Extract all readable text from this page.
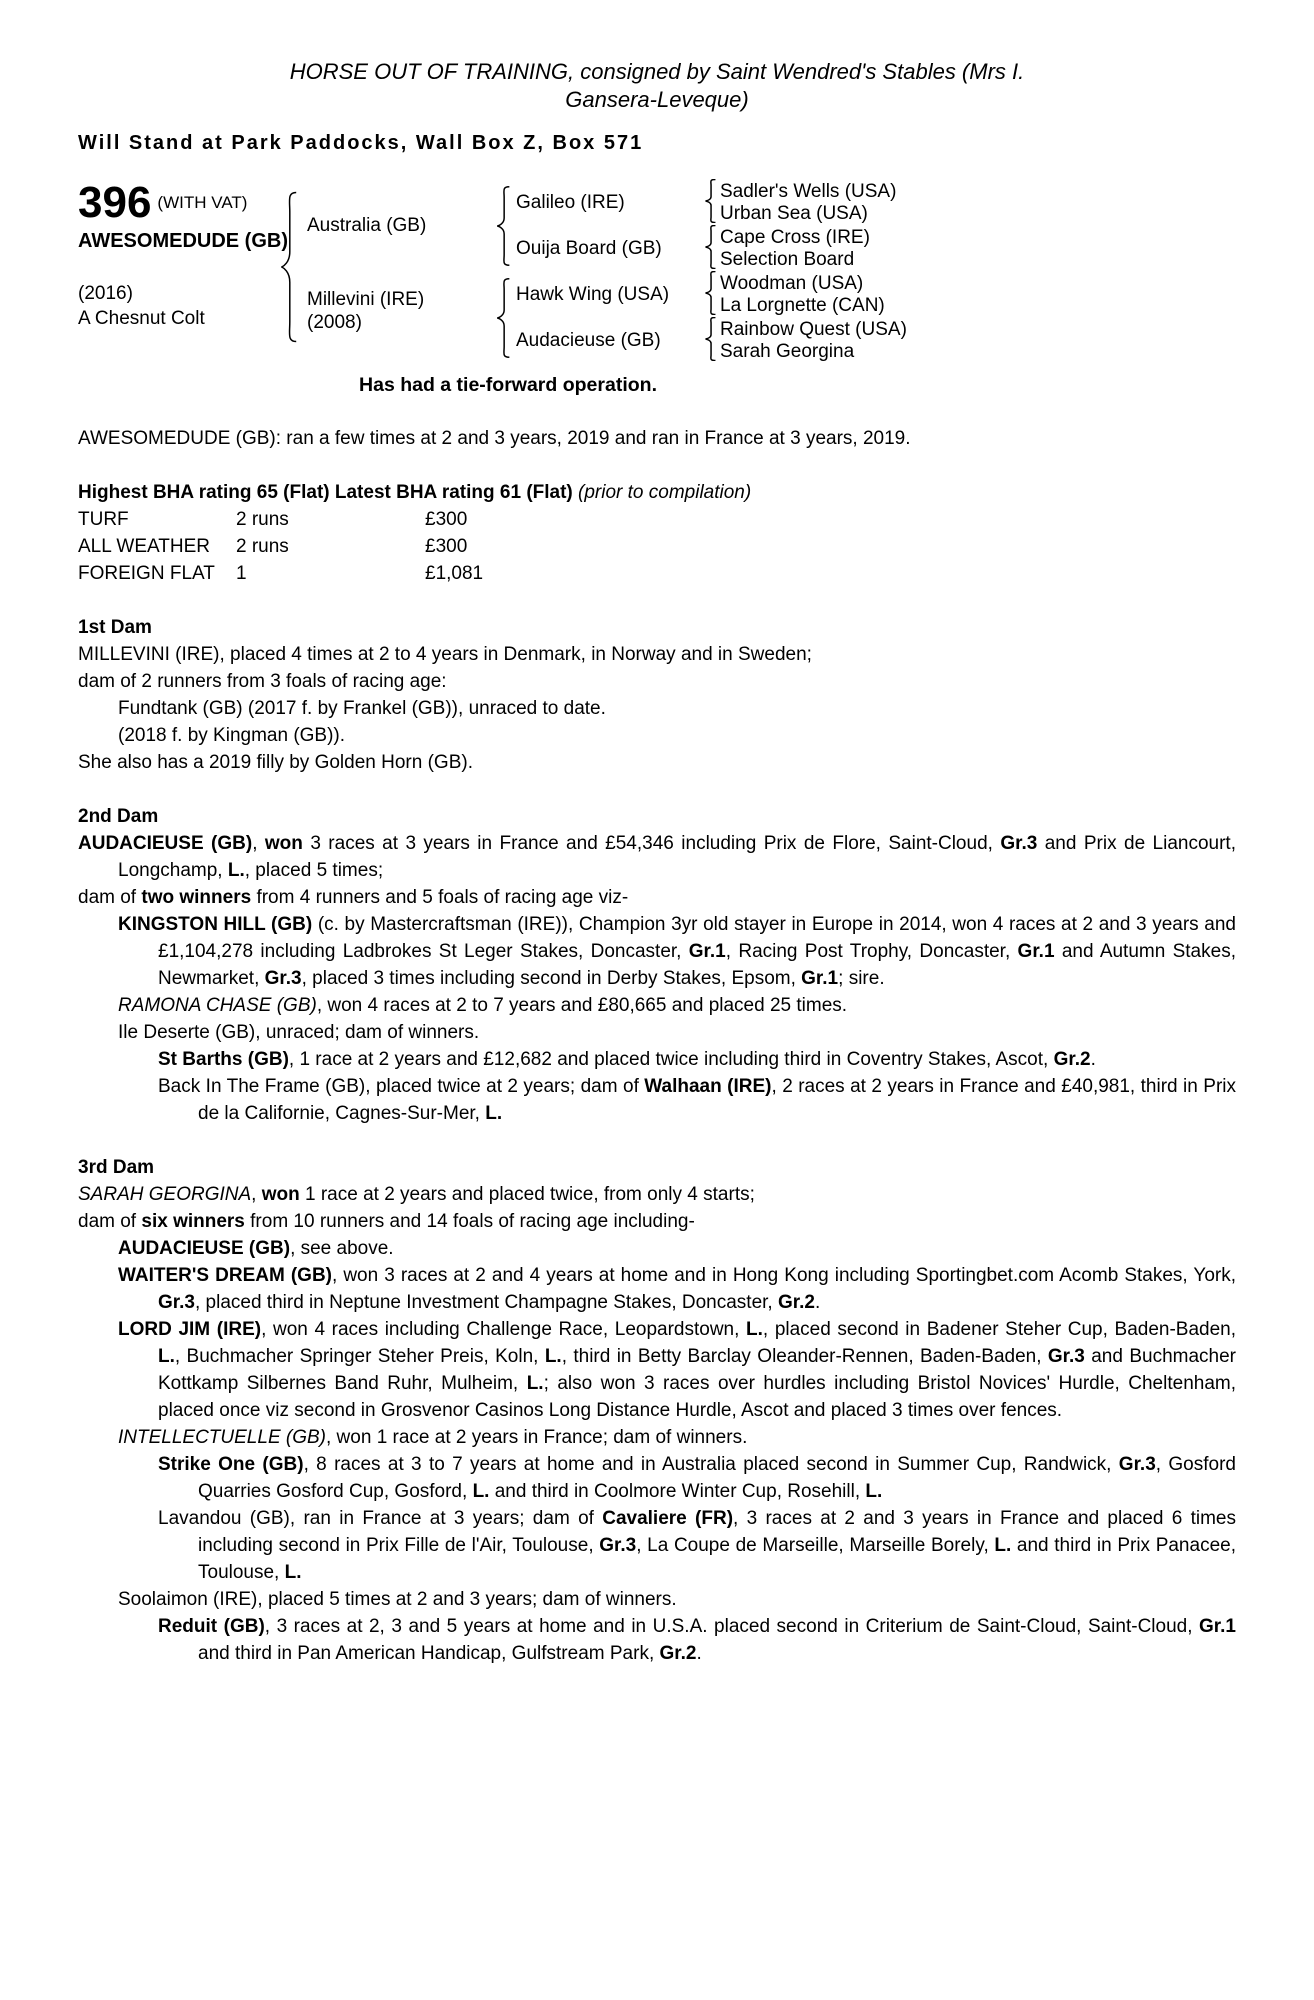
HORSE OUT OF TRAINING, consigned by Saint Wendred's Stables (Mrs I.
Gansera-Leveque)
Will Stand at Park Paddocks, Wall Box Z, Box 571
396 (WITH VAT)
AWESOMEDUDE (GB)
(2016)
A Chesnut Colt
Australia (GB)
Millevini (IRE)
(2008)
Galileo (IRE)
Ouija Board (GB)
Hawk Wing (USA)
Audacieuse (GB)
Sadler's Wells (USA)
Urban Sea (USA)
Cape Cross (IRE)
Selection Board
Woodman (USA)
La Lorgnette (CAN)
Rainbow Quest (USA)
Sarah Georgina
Has had a tie-forward operation.

AWESOMEDUDE (GB): ran a few times at 2 and 3 years, 2019 and ran in France at 3 years, 2019.

Highest BHA rating 65 (Flat) Latest BHA rating 61 (Flat) (prior to compilation)

TURF	2 runs	£300
ALL WEATHER	2 runs	£300
FOREIGN FLAT	1	£1,081
1st Dam

MILLEVINI (IRE), placed 4 times at 2 to 4 years in Denmark, in Norway and in Sweden;

dam of 2 runners from 3 foals of racing age:

Fundtank (GB) (2017 f. by Frankel (GB)), unraced to date.

(2018 f. by Kingman (GB)).

She also has a 2019 filly by Golden Horn (GB).

2nd Dam

AUDACIEUSE (GB), won 3 races at 3 years in France and £54,346 including Prix de Flore, Saint-Cloud, Gr.3 and Prix de Liancourt, Longchamp, L., placed 5 times;

dam of two winners from 4 runners and 5 foals of racing age viz-

KINGSTON HILL (GB) (c. by Mastercraftsman (IRE)), Champion 3yr old stayer in Europe in 2014, won 4 races at 2 and 3 years and £1,104,278 including Ladbrokes St Leger Stakes, Doncaster, Gr.1, Racing Post Trophy, Doncaster, Gr.1 and Autumn Stakes, Newmarket, Gr.3, placed 3 times including second in Derby Stakes, Epsom, Gr.1; sire.

RAMONA CHASE (GB), won 4 races at 2 to 7 years and £80,665 and placed 25 times.

Ile Deserte (GB), unraced; dam of winners.

St Barths (GB), 1 race at 2 years and £12,682 and placed twice including third in Coventry Stakes, Ascot, Gr.2.

Back In The Frame (GB), placed twice at 2 years; dam of Walhaan (IRE), 2 races at 2 years in France and £40,981, third in Prix de la Californie, Cagnes-Sur-Mer, L.

3rd Dam

SARAH GEORGINA, won 1 race at 2 years and placed twice, from only 4 starts;

dam of six winners from 10 runners and 14 foals of racing age including-

AUDACIEUSE (GB), see above.

WAITER'S DREAM (GB), won 3 races at 2 and 4 years at home and in Hong Kong including Sportingbet.com Acomb Stakes, York, Gr.3, placed third in Neptune Investment Champagne Stakes, Doncaster, Gr.2.

LORD JIM (IRE), won 4 races including Challenge Race, Leopardstown, L., placed second in Badener Steher Cup, Baden-Baden, L., Buchmacher Springer Steher Preis, Koln, L., third in Betty Barclay Oleander-Rennen, Baden-Baden, Gr.3 and Buchmacher Kottkamp Silbernes Band Ruhr, Mulheim, L.; also won 3 races over hurdles including Bristol Novices' Hurdle, Cheltenham, placed once viz second in Grosvenor Casinos Long Distance Hurdle, Ascot and placed 3 times over fences.

INTELLECTUELLE (GB), won 1 race at 2 years in France; dam of winners.

Strike One (GB), 8 races at 3 to 7 years at home and in Australia placed second in Summer Cup, Randwick, Gr.3, Gosford Quarries Gosford Cup, Gosford, L. and third in Coolmore Winter Cup, Rosehill, L.

Lavandou (GB), ran in France at 3 years; dam of Cavaliere (FR), 3 races at 2 and 3 years in France and placed 6 times including second in Prix Fille de l'Air, Toulouse, Gr.3, La Coupe de Marseille, Marseille Borely, L. and third in Prix Panacee, Toulouse, L.

Soolaimon (IRE), placed 5 times at 2 and 3 years; dam of winners.

Reduit (GB), 3 races at 2, 3 and 5 years at home and in U.S.A. placed second in Criterium de Saint-Cloud, Saint-Cloud, Gr.1 and third in Pan American Handicap, Gulfstream Park, Gr.2.
